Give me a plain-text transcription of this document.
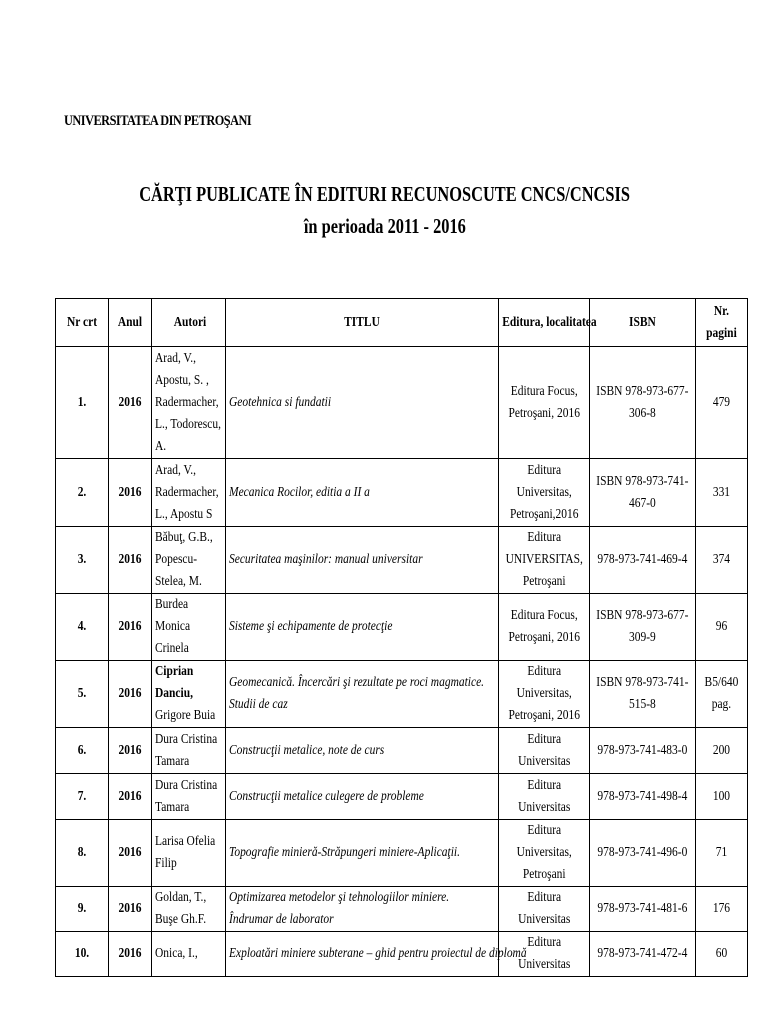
UNIVERSITATEA DIN PETROŞANI
CĂRŢI PUBLICATE ÎN EDITURI RECUNOSCUTE CNCS/CNCSIS
în perioada 2011 - 2016
Nr crt	Anul	Autori	TITLU	Editura, localitatea	ISBN	Nr. pagini

1.	2016	Arad, V., Apostu, S. , Radermacher, L., Todorescu, A.	Geotehnica si fundatii	Editura Focus, Petroşani, 2016	ISBN 978-973-677-306-8	479

2.	2016	Arad, V., Radermacher, L., Apostu S	Mecanica Rocilor, editia a II a	Editura Universitas, Petroşani,2016	ISBN 978-973-741-467-0	331

3.	2016	Băbuţ, G.B., Popescu-Stelea, M.	Securitatea maşinilor: manual universitar	Editura UNIVERSITAS, Petroşani	978-973-741-469-4	374

4.	2016	Burdea Monica Crinela	Sisteme şi echipamente de protecţie	Editura Focus, Petroşani, 2016	ISBN 978-973-677-309-9	96

5.	2016	Ciprian Danciu, Grigore Buia	Geomecanică. Încercări şi rezultate pe roci magmatice. Studii de caz	Editura Universitas, Petroşani, 2016	ISBN 978-973-741-515-8	B5/640 pag.

6.	2016	Dura Cristina Tamara	Construcţii metalice, note de curs	Editura Universitas	978-973-741-483-0	200

7.	2016	Dura Cristina Tamara	Construcţii metalice culegere de probleme	Editura Universitas	978-973-741-498-4	100

8.	2016	Larisa Ofelia Filip	Topografie minieră-Străpungeri miniere-Aplicaţii.	Editura Universitas, Petroşani	978-973-741-496-0	71

9.	2016	Goldan, T., Buşe Gh.F.	Optimizarea metodelor şi tehnologiilor miniere. Îndrumar de laborator	Editura Universitas	978-973-741-481-6	176

10.	2016	Onica, I.,	Exploatări miniere subterane – ghid pentru proiectul de diplomă	Editura Universitas	978-973-741-472-4	60
